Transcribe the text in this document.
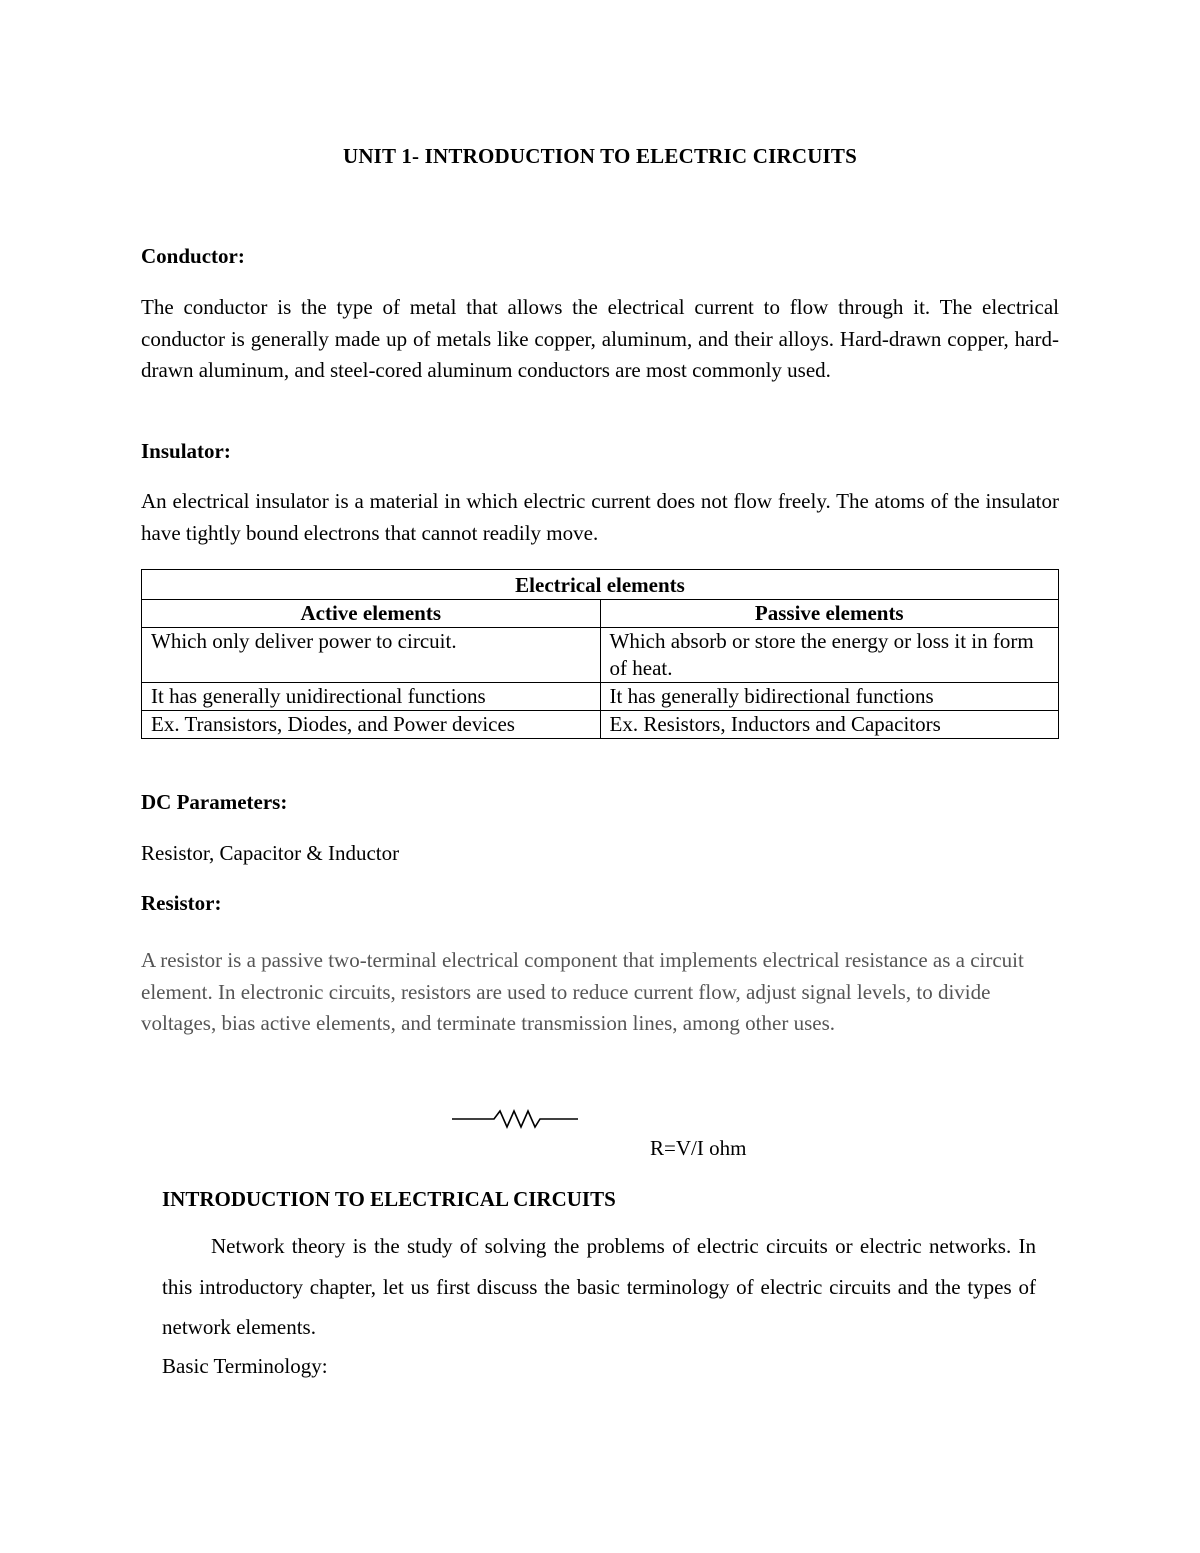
UNIT 1- INTRODUCTION TO ELECTRIC CIRCUITS
Conductor:
The conductor is the type of metal that allows the electrical current to flow through it. The electrical conductor is generally made up of metals like copper, aluminum, and their alloys. Hard-drawn copper, hard-drawn aluminum, and steel-cored aluminum conductors are most commonly used.
Insulator:
An electrical insulator is a material in which electric current does not flow freely. The atoms of the insulator have tightly bound electrons that cannot readily move.
Electrical elements	
Active elements	Passive elements
Which only deliver power to circuit.	Which absorb or store the energy or loss it in form of heat.
It has generally unidirectional functions	It has generally bidirectional functions
Ex. Transistors, Diodes, and Power devices	Ex. Resistors, Inductors and Capacitors
DC Parameters:
Resistor, Capacitor & Inductor
Resistor:
A resistor is a passive two-terminal electrical component that implements electrical resistance as a circuit element. In electronic circuits, resistors are used to reduce current flow, adjust signal levels, to divide voltages, bias active elements, and terminate transmission lines, among other uses.
R=V/I ohm
INTRODUCTION TO ELECTRICAL CIRCUITS
Network theory is the study of solving the problems of electric circuits or electric networks. In this introductory chapter, let us first discuss the basic terminology of electric circuits and the types of network elements.
Basic Terminology:
